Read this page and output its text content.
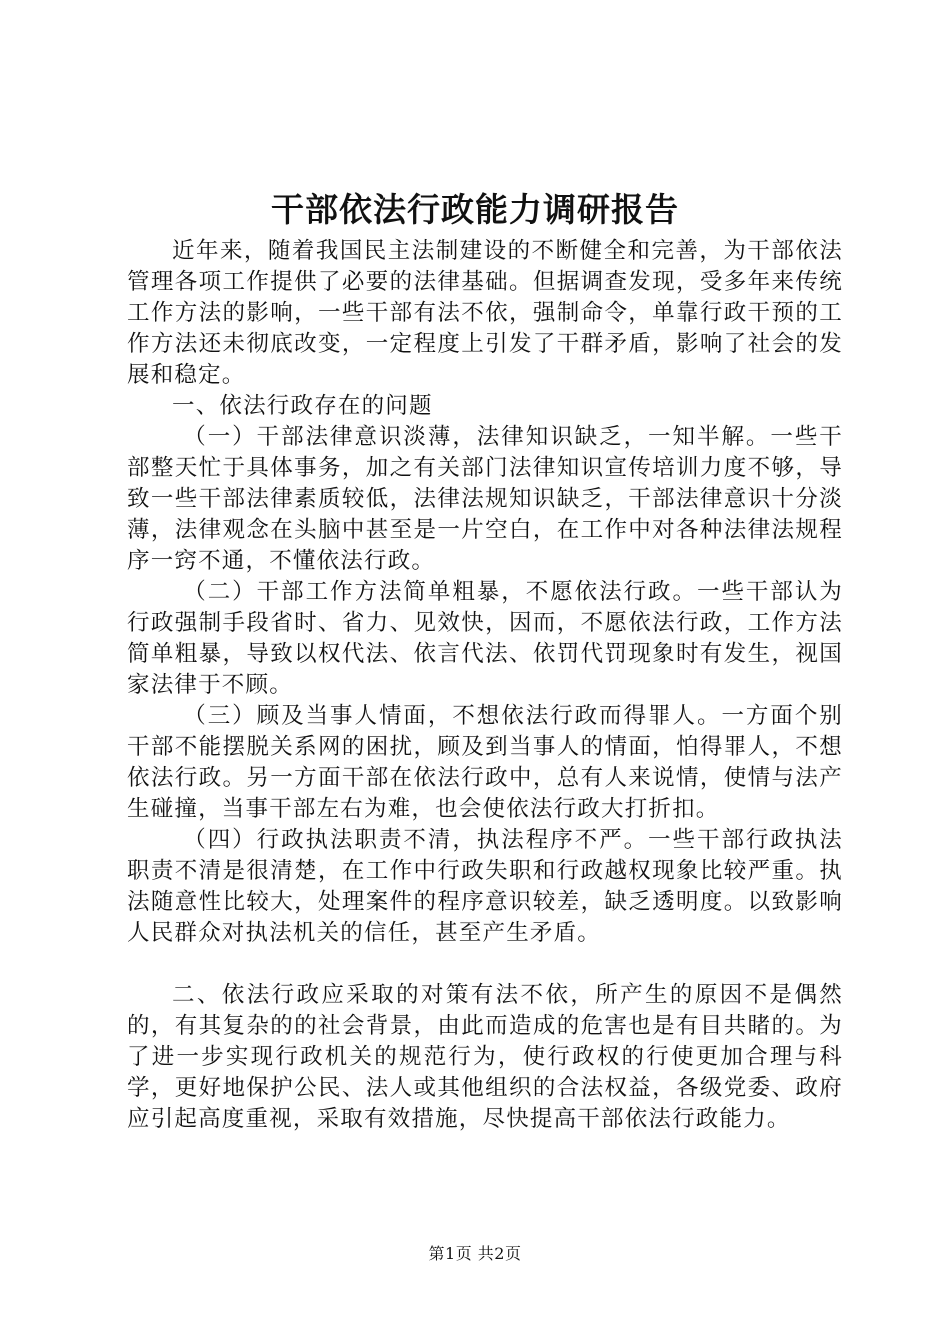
干部依法行政能力调研报告

近年来，随着我国民主法制建设的不断健全和完善，为干部依法管理各项工作提供了必要的法律基础。但据调查发现，受多年来传统工作方法的影响，一些干部有法不依，强制命令，单靠行政干预的工作方法还未彻底改变，一定程度上引发了干群矛盾，影响了社会的发展和稳定。

一、依法行政存在的问题

（一）干部法律意识淡薄，法律知识缺乏，一知半解。一些干部整天忙于具体事务，加之有关部门法律知识宣传培训力度不够，导致一些干部法律素质较低，法律法规知识缺乏，干部法律意识十分淡薄，法律观念在头脑中甚至是一片空白，在工作中对各种法律法规程序一窍不通，不懂依法行政。

（二）干部工作方法简单粗暴，不愿依法行政。一些干部认为行政强制手段省时、省力、见效快，因而，不愿依法行政，工作方法简单粗暴，导致以权代法、依言代法、依罚代罚现象时有发生，视国家法律于不顾。

（三）顾及当事人情面，不想依法行政而得罪人。一方面个别干部不能摆脱关系网的困扰，顾及到当事人的情面，怕得罪人，不想依法行政。另一方面干部在依法行政中，总有人来说情，使情与法产生碰撞，当事干部左右为难，也会使依法行政大打折扣。

（四）行政执法职责不清，执法程序不严。一些干部行政执法职责不清是很清楚，在工作中行政失职和行政越权现象比较严重。执法随意性比较大，处理案件的程序意识较差，缺乏透明度。以致影响人民群众对执法机关的信任，甚至产生矛盾。

二、依法行政应采取的对策有法不依，所产生的原因不是偶然的，有其复杂的的社会背景，由此而造成的危害也是有目共睹的。为了进一步实现行政机关的规范行为，使行政权的行使更加合理与科学，更好地保护公民、法人或其他组织的合法权益，各级党委、政府应引起高度重视，采取有效措施，尽快提高干部依法行政能力。

第1页 共2页
